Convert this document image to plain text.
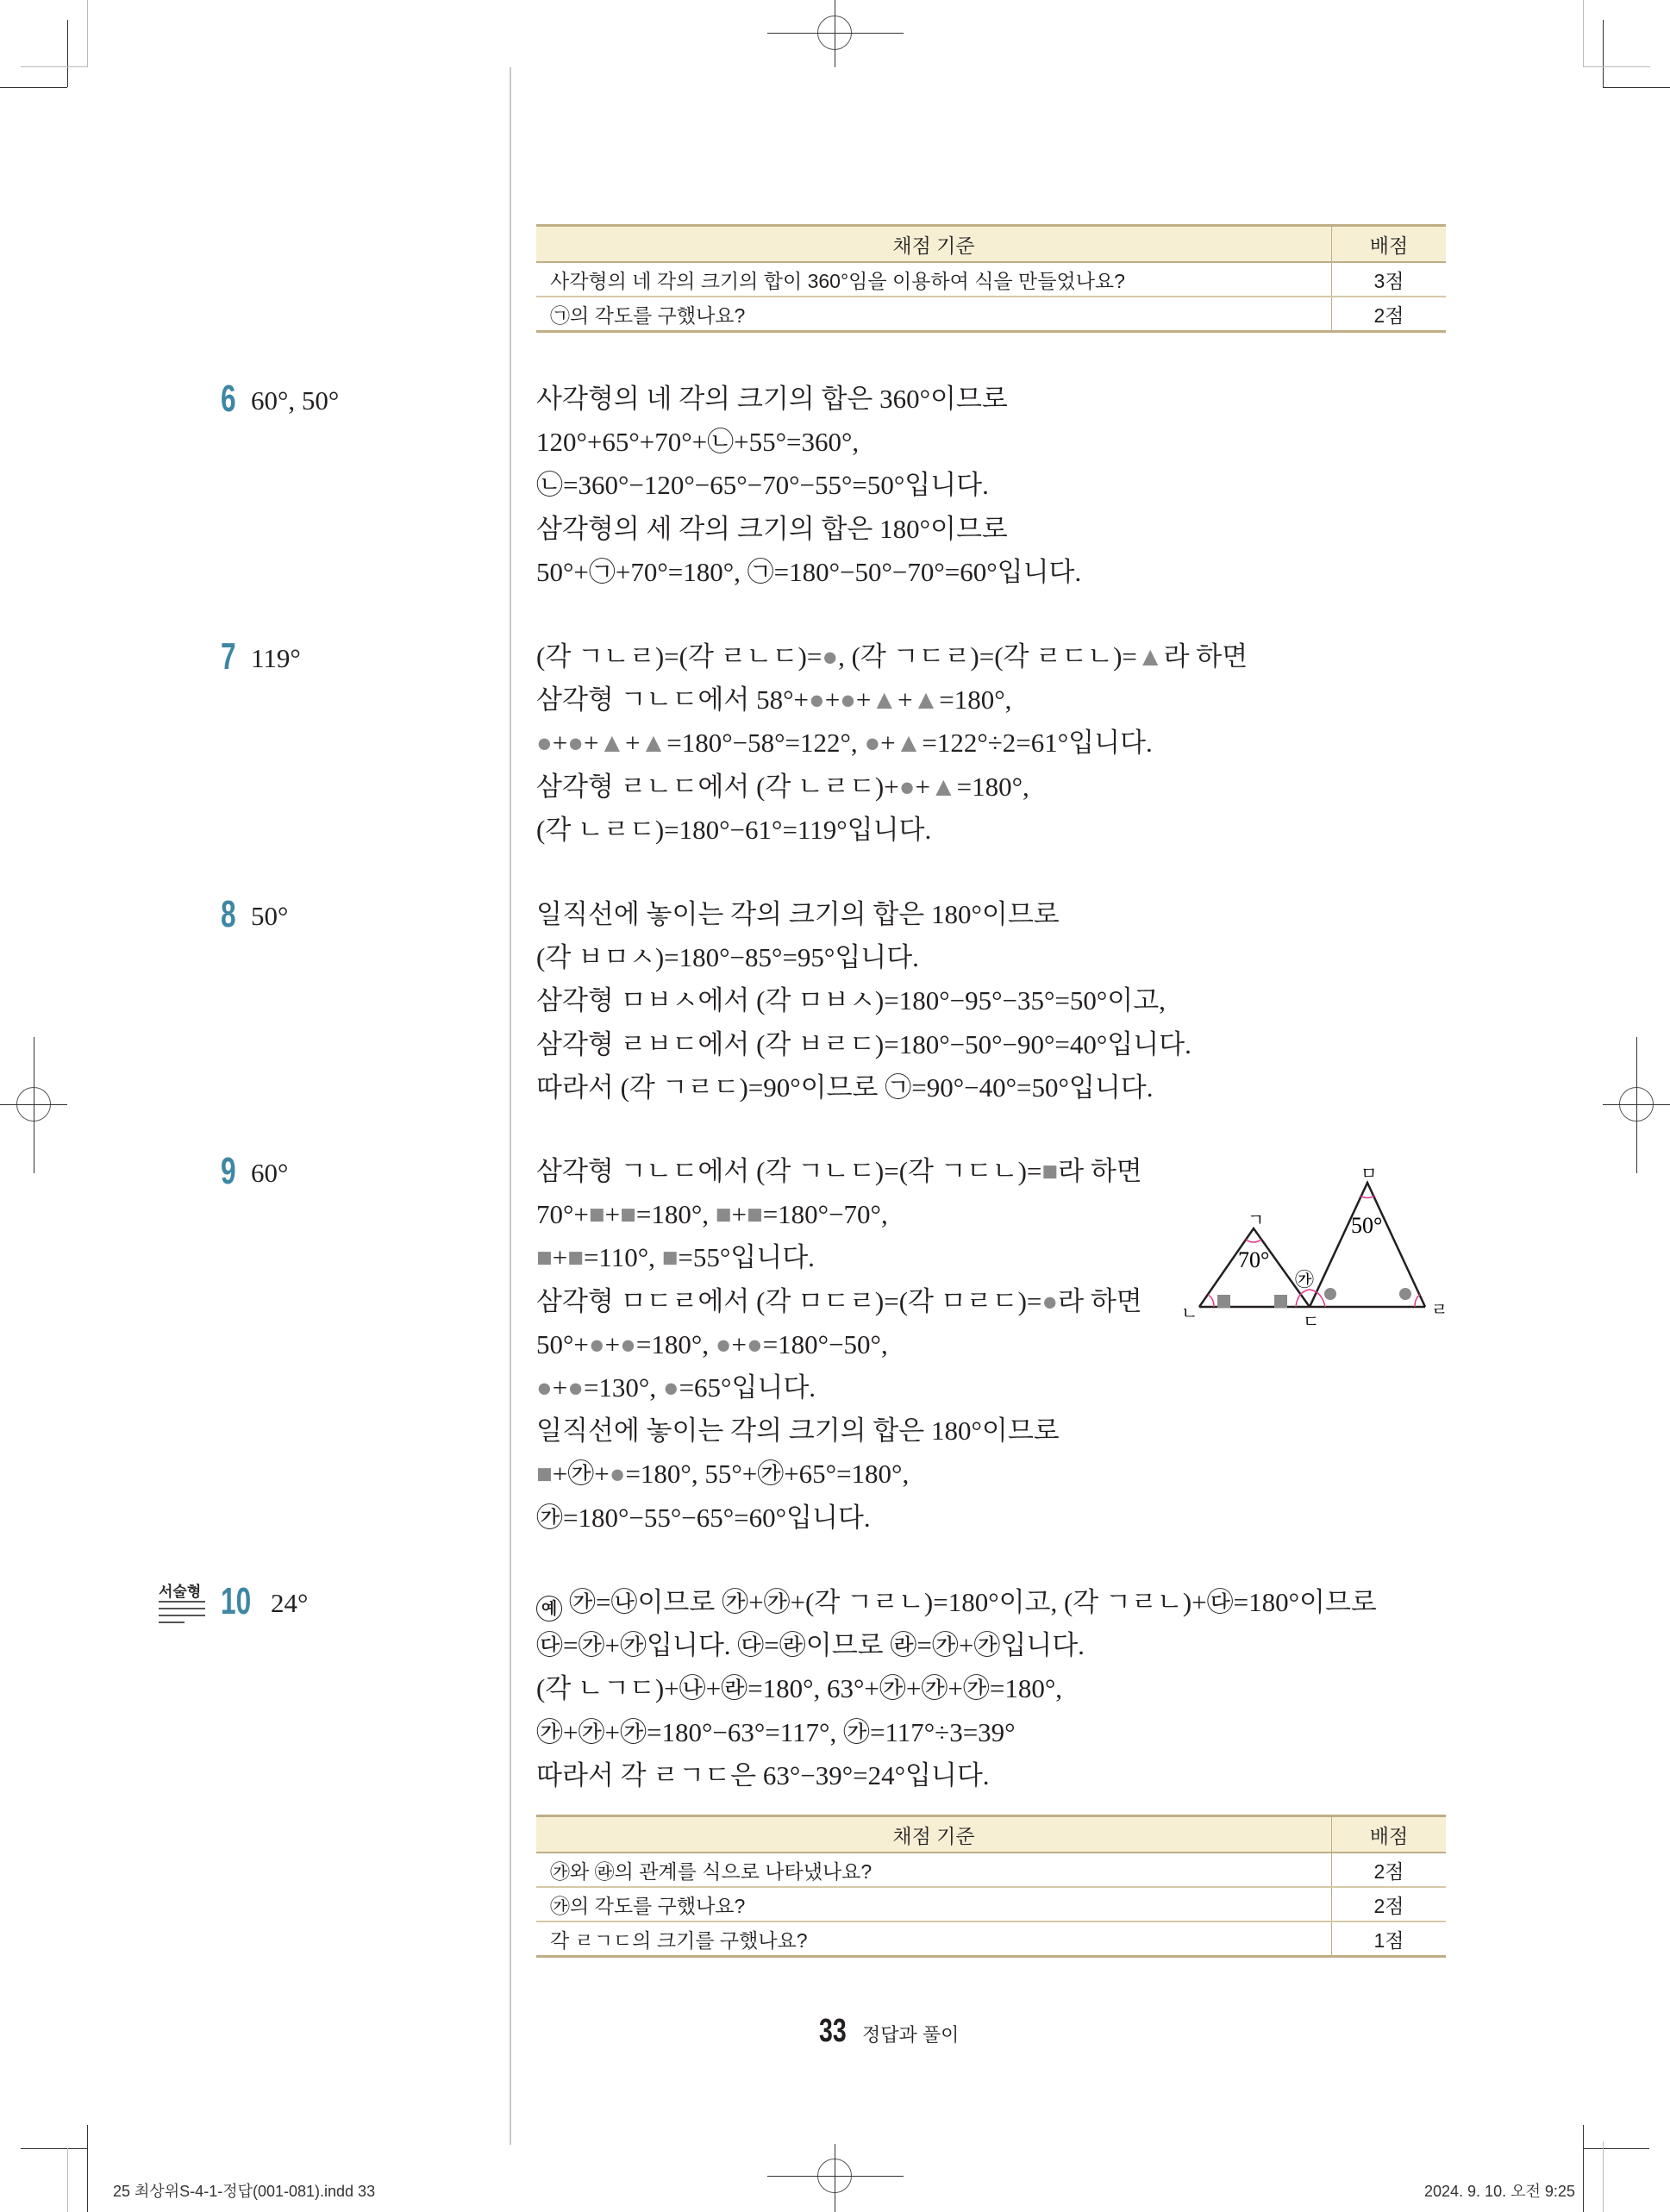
채점 기준	배점
사각형의 네 각의 크기의 합이 360°임을 이용하여 식을 만들었나요?	3점
㉠의 각도를 구했나요?	2점
6 60°, 50°	사각형의 네 각의 크기의 합은 360°이므로
120°+65°+70°+㉡+55°=360°,
㉡=360°−120°−65°−70°−55°=50°입니다.
삼각형의 세 각의 크기의 합은 180°이므로
50°+㉠+70°=180°, ㉠=180°−50°−70°=60°입니다.
7 119°	(각 ㄱㄴㄹ)=(각 ㄹㄴㄷ)=●, (각 ㄱㄷㄹ)=(각 ㄹㄷㄴ)=▲라 하면
삼각형 ㄱㄴㄷ에서 58°+●+●+▲+▲=180°,
●+●+▲+▲=180°−58°=122°, ●+▲=122°÷2=61°입니다.
삼각형 ㄹㄴㄷ에서 (각 ㄴㄹㄷ)+●+▲=180°,
(각 ㄴㄹㄷ)=180°−61°=119°입니다.
8 50°	일직선에 놓이는 각의 크기의 합은 180°이므로
(각 ㅂㅁㅅ)=180°−85°=95°입니다.
삼각형 ㅁㅂㅅ에서 (각 ㅁㅂㅅ)=180°−95°−35°=50°이고,
삼각형 ㄹㅂㄷ에서 (각 ㅂㄹㄷ)=180°−50°−90°=40°입니다.
따라서 (각 ㄱㄹㄷ)=90°이므로 ㉠=90°−40°=50°입니다.
9 60°	삼각형 ㄱㄴㄷ에서 (각 ㄱㄴㄷ)=(각 ㄱㄷㄴ)=■라 하면
70°+■+■=180°, ■+■=180°−70°,
■+■=110°, ■=55°입니다.
삼각형 ㅁㄷㄹ에서 (각 ㅁㄷㄹ)=(각 ㅁㄹㄷ)=●라 하면
50°+●+●=180°, ●+●=180°−50°,
●+●=130°, ●=65°입니다.
일직선에 놓이는 각의 크기의 합은 180°이므로
■+㉮+●=180°, 55°+㉮+65°=180°,
㉮=180°−55°−65°=60°입니다.
ㄱ
ㄴ	ㄷ
ㅁ
ㄹ
70°
50°
㉮
서술형 10 24°	예 ㉮=㉯이므로 ㉮+㉮+(각 ㄱㄹㄴ)=180°이고, (각 ㄱㄹㄴ)+㉰=180°이므로
㉰=㉮+㉮입니다. ㉰=㉱이므로 ㉱=㉮+㉮입니다.
(각 ㄴㄱㄷ)+㉯+㉱=180°, 63°+㉮+㉮+㉮=180°,
㉮+㉮+㉮=180°−63°=117°, ㉮=117°÷3=39°
따라서 각 ㄹㄱㄷ은 63°−39°=24°입니다.
채점 기준	배점
㉮와 ㉱의 관계를 식으로 나타냈나요?	2점
㉮의 각도를 구했나요?	2점
각 ㄹㄱㄷ의 크기를 구했나요?	1점
33 정답과 풀이
25 최상위S-4-1-정답(001-081).indd 33	2024. 9. 10. 오전 9:25
